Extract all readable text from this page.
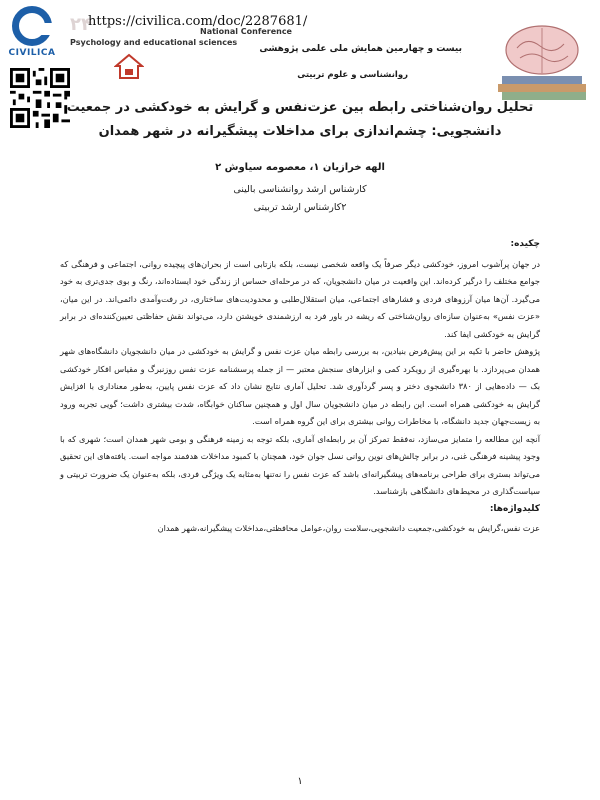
CIVILICA
۲۴
https://civilica.com/doc/2287681/
National Conference
Psychology and educational sciences
بیست و چهارمین همایش ملی علمی پژوهشی
روانشناسی و علوم تربیتی
تحلیل روان‌شناختی رابطه بین عزت‌نفس و گرایش به خودکشی در جمعیت
دانشجویی: چشم‌اندازی برای مداخلات پیشگیرانه در شهر همدان
الهه خرازیان ۱، معصومه سیاوش ۲
کارشناس ارشد روانشناسی بالینی
۲کارشناس ارشد تربیتی

چکیده:

در جهان پرآشوب امروز، خودکشی دیگر صرفاً یک واقعه شخصی نیست، بلکه بازتابی است از بحران‌های پیچیده روانی، اجتماعی و فرهنگی که جوامع مختلف را درگیر کرده‌اند. این واقعیت در میان دانشجویان، که در مرحله‌ای حساس از زندگی خود ایستاده‌اند، رنگ و بوی جدی‌تری به خود می‌گیرد. آن‌ها میان آرزوهای فردی و فشارهای اجتماعی، میان استقلال‌طلبی و محدودیت‌های ساختاری، در رفت‌وآمدی دائمی‌اند. در این میان، «عزت نفس» به‌عنوان سازه‌ای روان‌شناختی که ریشه در باور فرد به ارزشمندی خویشتن دارد، می‌تواند نقش حفاظتی تعیین‌کننده‌ای در برابر گرایش به خودکشی ایفا کند.

پژوهش حاضر با تکیه بر این پیش‌فرض بنیادین، به بررسی رابطه میان عزت نفس و گرایش به خودکشی در میان دانشجویان دانشگاه‌های شهر همدان می‌پردازد. با بهره‌گیری از رویکرد کمی و ابزارهای سنجش معتبر — از جمله پرسشنامه عزت نفس روزنبرگ و مقیاس افکار خودکشی بک — داده‌هایی از ۳۸۰ دانشجوی دختر و پسر گردآوری شد. تحلیل آماری نتایج نشان داد که عزت نفس پایین، به‌طور معناداری با افزایش گرایش به خودکشی همراه است. این رابطه در میان دانشجویان سال اول و همچنین ساکنان خوابگاه، شدت بیشتری داشت؛ گویی تجربه ورود به زیست‌جهان جدید دانشگاه، با مخاطرات روانی بیشتری برای این گروه همراه است.

آنچه این مطالعه را متمایز می‌سازد، نه‌فقط تمرکز آن بر رابطه‌ای آماری، بلکه توجه به زمینه فرهنگی و بومی شهر همدان است؛ شهری که با وجود پیشینه فرهنگی غنی، در برابر چالش‌های نوین روانی نسل جوان خود، همچنان با کمبود مداخلات هدفمند مواجه است. یافته‌های این تحقیق می‌تواند بستری برای طراحی برنامه‌های پیشگیرانه‌ای باشد که عزت نفس را نه‌تنها به‌مثابه یک ویژگی فردی، بلکه به‌عنوان یک ضرورت تربیتی و سیاست‌گذاری در محیط‌های دانشگاهی بازشناسد.

کلیدواژه‌ها:

عزت نفس،گرایش به خودکشی،جمعیت دانشجویی،سلامت روان،عوامل محافظتی،مداخلات پیشگیرانه،شهر همدان

۱
